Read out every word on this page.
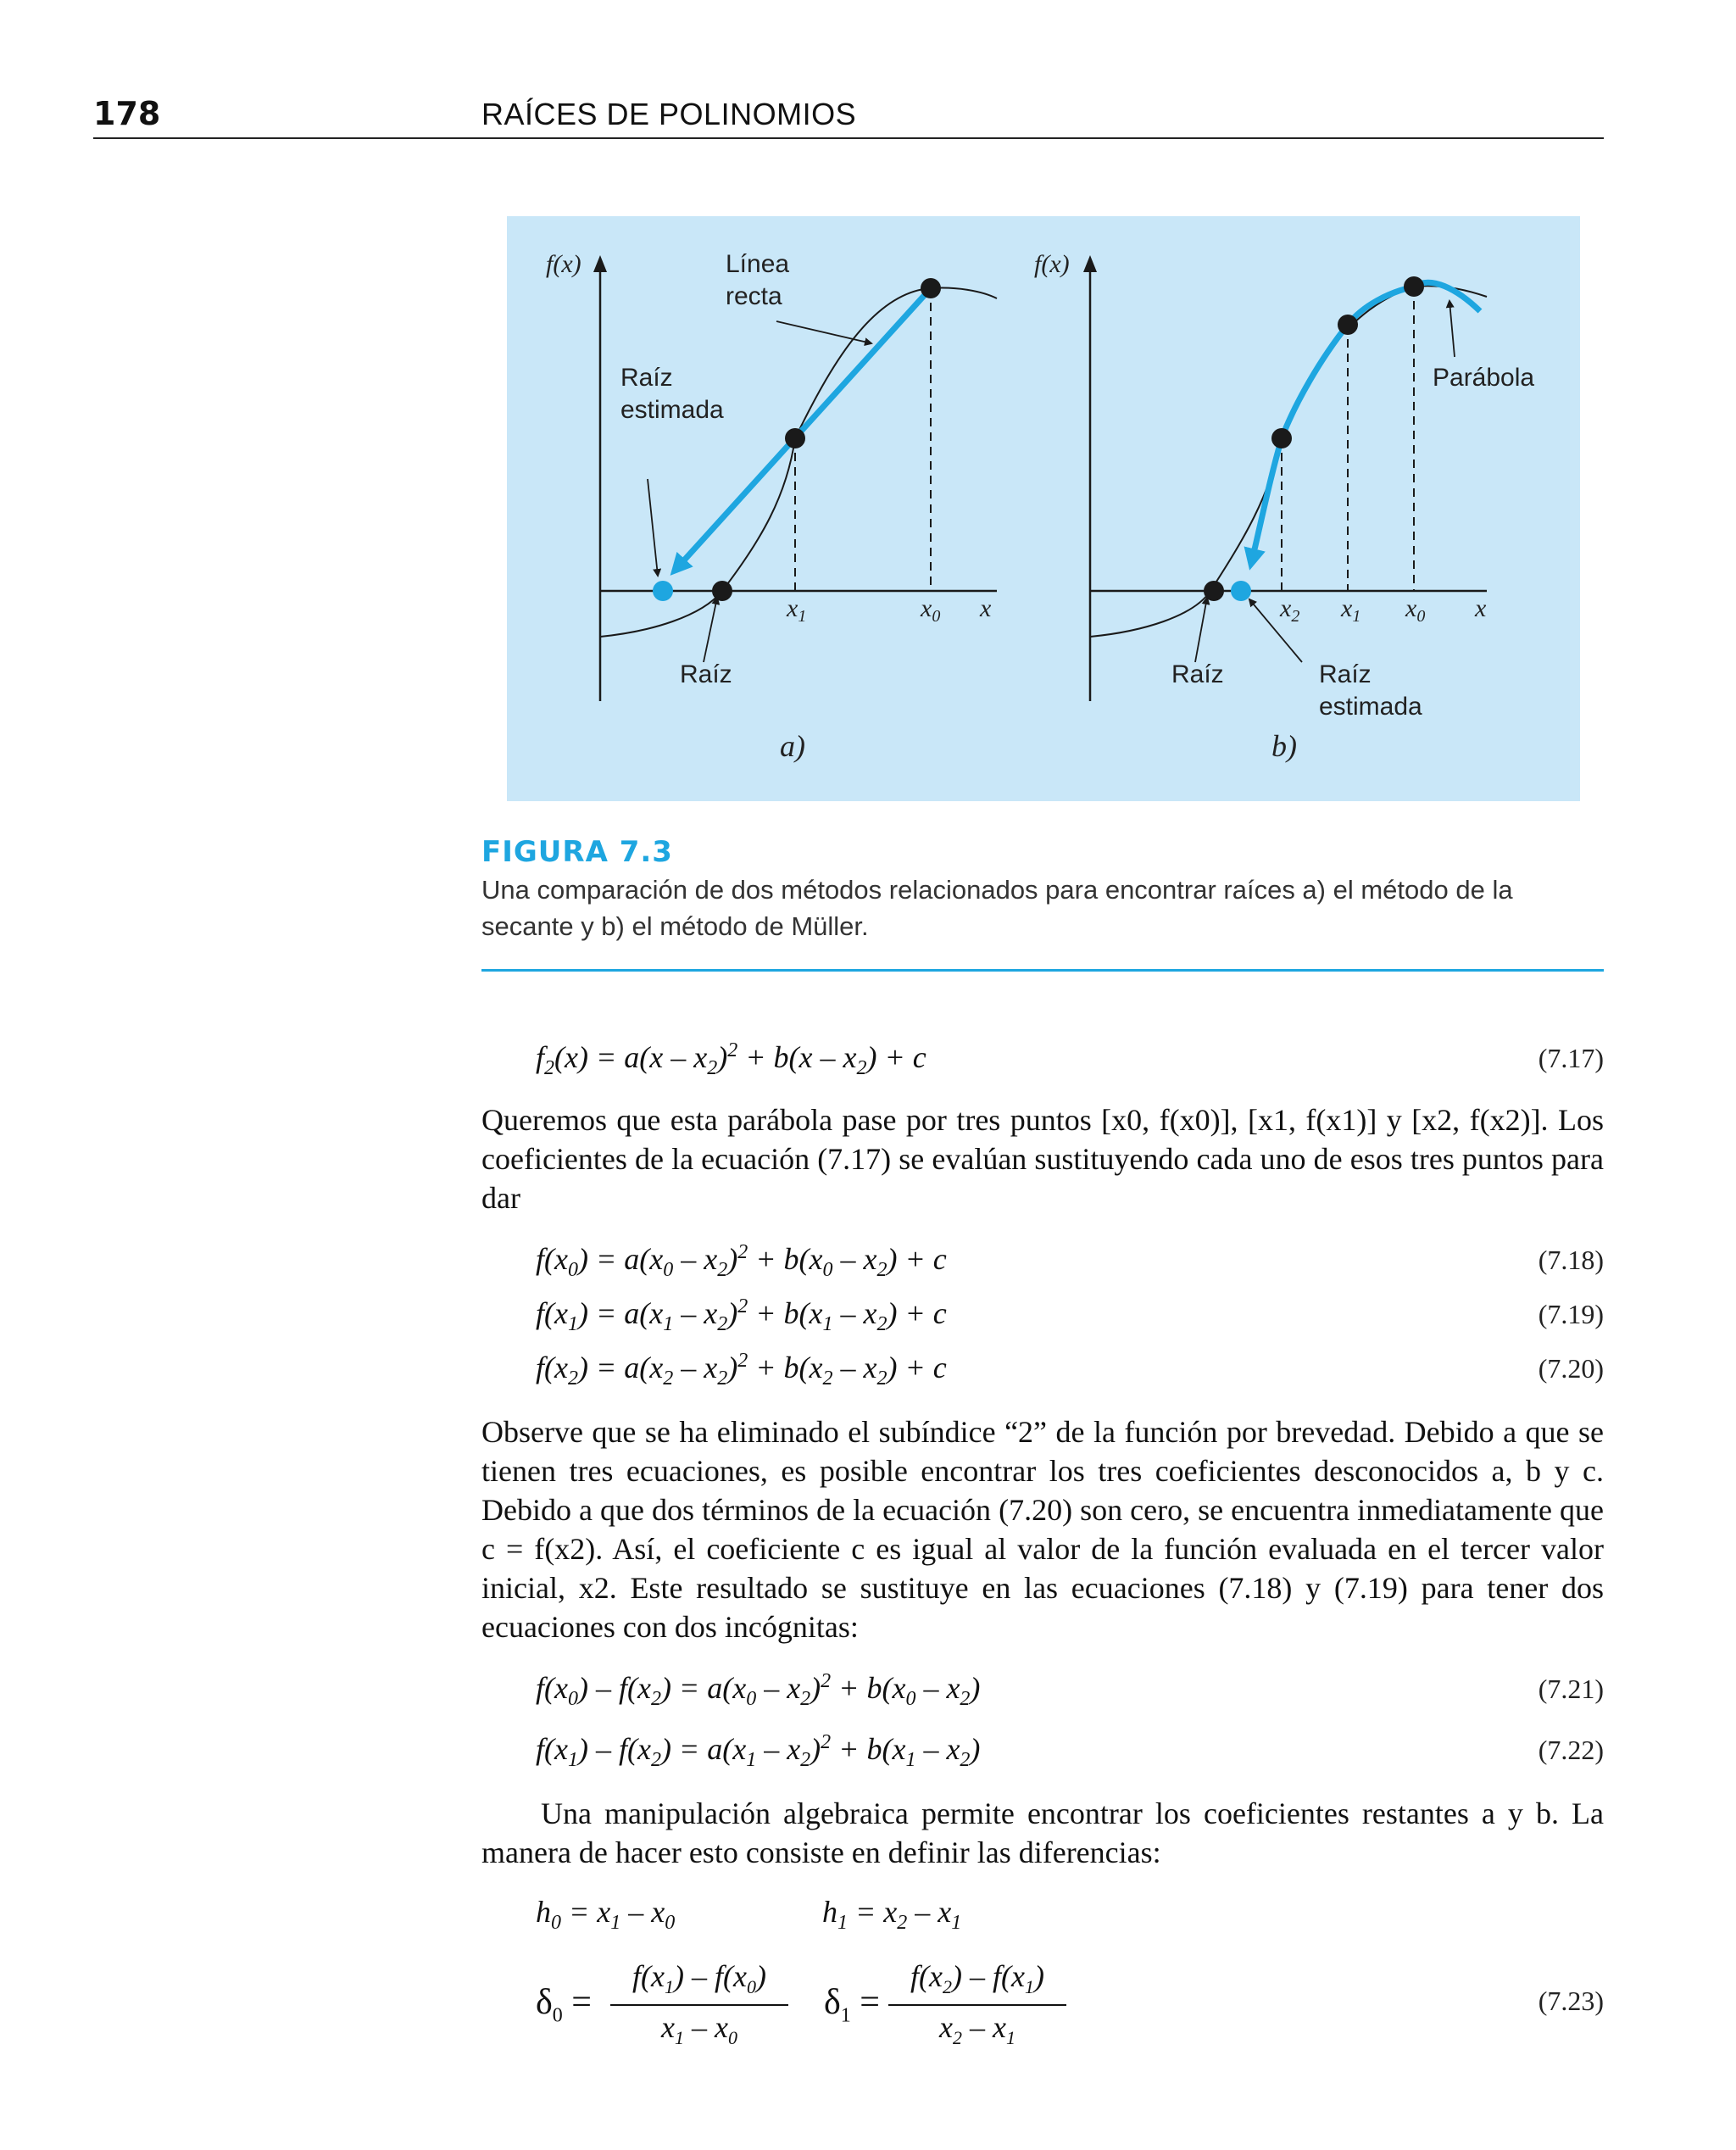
178	RAÍCES DE POLINOMIOS
f(x)	Línea
recta
Raíz
estimada
Raíz
$x_1$	$x_0$ x
a)
f(x)
Parábola
Raíz	Raíz
estimada
$x_2$ $x_1$ $x_0$ x
b)
FIGURA 7.3
Una comparación de dos métodos relacionados para encontrar raíces a) el método de la
secante y b) el método de Müller.
$f_2(x) = a(x - x_2)^2 + b(x - x_2) + c$	(7.17)
Queremos que esta parábola pase por tres puntos [x0, f(x0)], [x1, f(x1)] y [x2, f(x2)]. Los coeficientes de la ecuación (7.17) se evalúan sustituyendo cada uno de esos tres puntos para dar
$f(x_0) = a(x_0 - x_2)^2 + b(x_0 - x_2) + c$	(7.18)
$f(x_1) = a(x_1 - x_2)^2 + b(x_1 - x_2) + c$	(7.19)
$f(x_2) = a(x_2 - x_2)^2 + b(x_2 - x_2) + c$	(7.20)
Observe que se ha eliminado el subíndice “2” de la función por brevedad. Debido a que se tienen tres ecuaciones, es posible encontrar los tres coeficientes desconocidos a, b y c. Debido a que dos términos de la ecuación (7.20) son cero, se encuentra inmediatamente que c = f(x2). Así, el coeficiente c es igual al valor de la función evaluada en el tercer valor inicial, x2. Este resultado se sustituye en las ecuaciones (7.18) y (7.19) para tener dos ecuaciones con dos incógnitas:
$f(x_0) - f(x_2) = a(x_0 - x_2)^2 + b(x_0 - x_2)$	(7.21)
$f(x_1) - f(x_2) = a(x_1 - x_2)^2 + b(x_1 - x_2)$	(7.22)
Una manipulación algebraica permite encontrar los coeficientes restantes a y b. La manera de hacer esto consiste en definir las diferencias:
$h_0 = x_1 - x_0$	$h_1 = x_2 - x_1$
$\delta_0$ =
$f(x_1) - f(x_0)$
$x_1 - x_0$
$\delta_1$ =
$f(x_2) - f(x_1)$
$x_2 - x_1$
(7.23)
